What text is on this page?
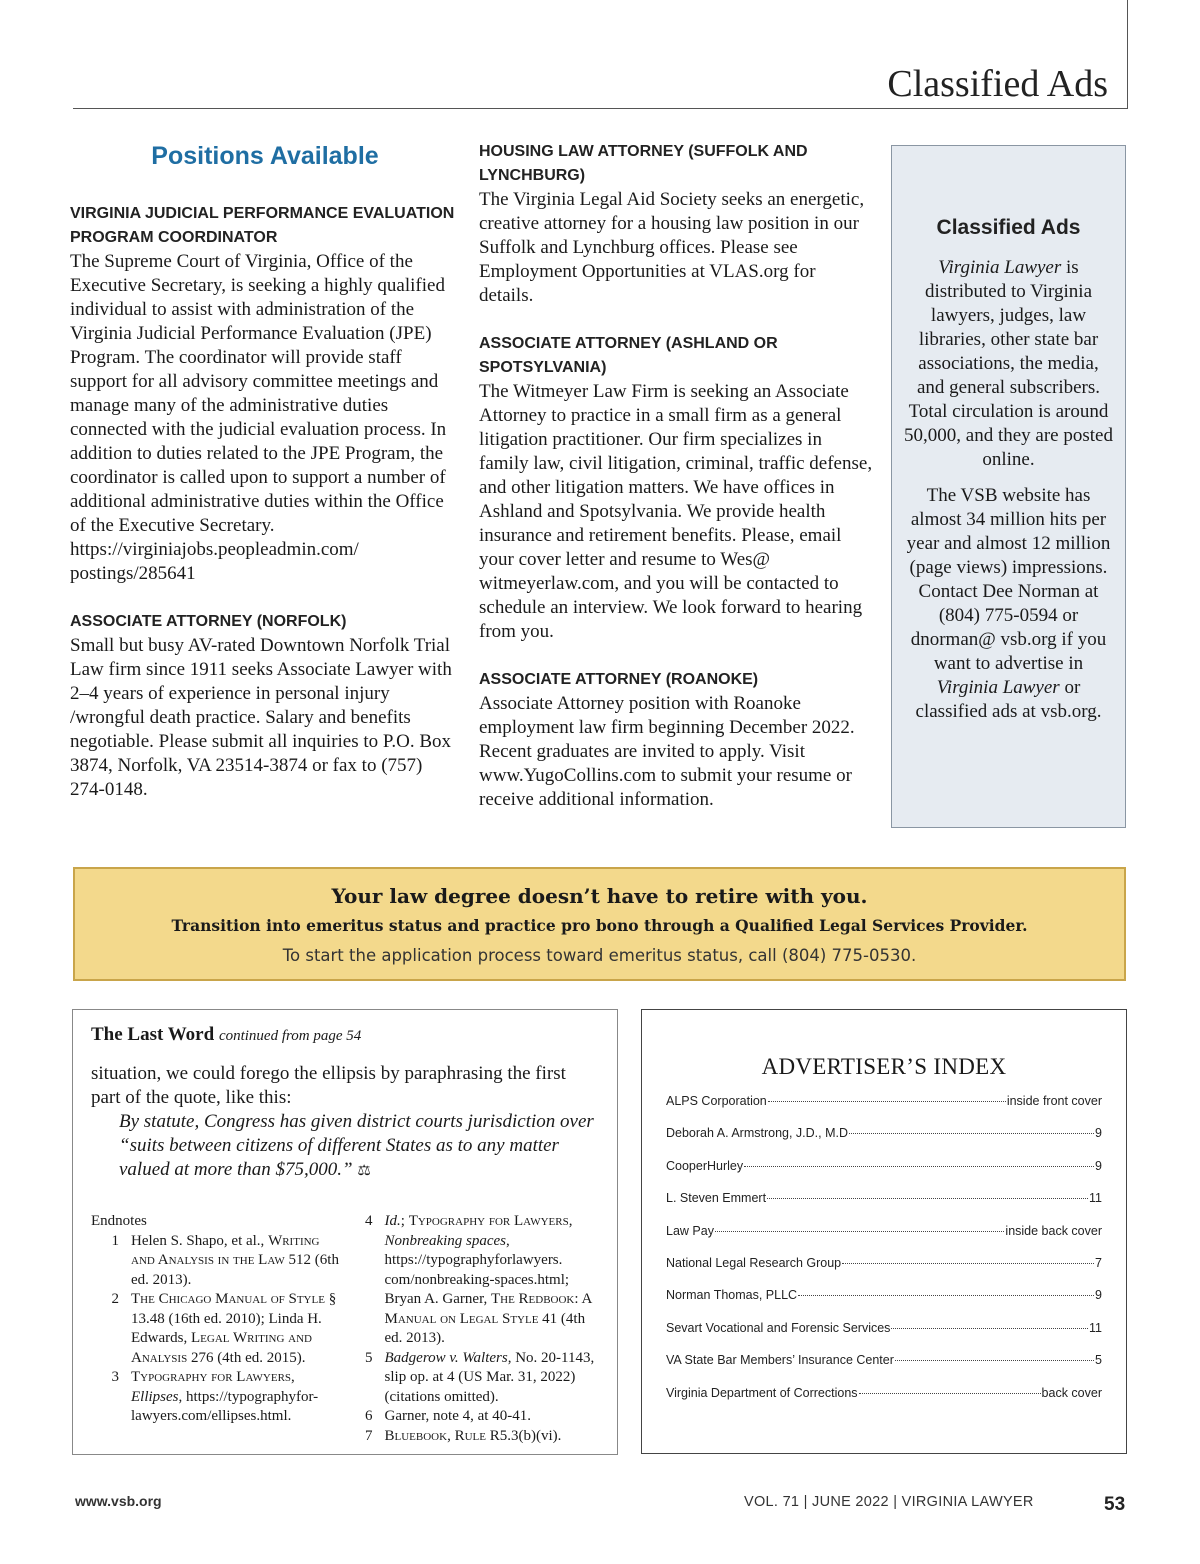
Classified Ads
Positions Available
VIRGINIA JUDICIAL PERFORMANCE EVALUATION PROGRAM COORDINATOR
The Supreme Court of Virginia, Office of the Executive Secretary, is seeking a highly qualified individual to assist with administration of the Virginia Judicial Performance Evaluation (JPE) Program. The coordinator will provide staff support for all advisory committee meetings and manage many of the administrative duties connected with the judicial evaluation process. In addition to duties related to the JPE Program, the coordinator is called upon to support a number of additional administrative duties within the Office of the Executive Secretary. https://virginiajobs.peopleadmin.com/ postings/285641
ASSOCIATE ATTORNEY (NORFOLK)
Small but busy AV-rated Downtown Norfolk Trial Law firm since 1911 seeks Associate Lawyer with 2–4 years of experience in personal injury /wrongful death practice. Salary and benefits negotiable. Please submit all inquiries to P.O. Box 3874, Norfolk, VA 23514-3874 or fax to (757) 274-0148.
HOUSING LAW ATTORNEY (SUFFOLK AND LYNCHBURG)
The Virginia Legal Aid Society seeks an energetic, creative attorney for a housing law position in our Suffolk and Lynchburg offices. Please see Employment Opportunities at VLAS.org for details.
ASSOCIATE ATTORNEY (ASHLAND OR SPOTSYLVANIA)
The Witmeyer Law Firm is seeking an Associate Attorney to practice in a small firm as a general litigation practitioner. Our firm specializes in family law, civil litigation, criminal, traffic defense, and other litigation matters. We have offices in Ashland and Spotsylvania. We provide health insurance and retirement benefits. Please, email your cover letter and resume to Wes@ witmeyerlaw.com, and you will be contacted to schedule an interview. We look forward to hearing from you.
ASSOCIATE ATTORNEY (ROANOKE)
Associate Attorney position with Roanoke employment law firm beginning December 2022. Recent graduates are invited to apply. Visit www.YugoCollins.com to submit your resume or receive additional information.
Classified Ads

Virginia Lawyer is distributed to Virginia lawyers, judges, law libraries, other state bar associations, the media, and general subscribers. Total circulation is around 50,000, and they are posted online.

The VSB website has almost 34 million hits per year and almost 12 million (page views) impressions. Contact Dee Norman at (804) 775-0594 or dnorman@ vsb.org if you want to advertise in Virginia Lawyer or classified ads at vsb.org.

Your law degree doesn’t have to retire with you.
Transition into emeritus status and practice pro bono through a Qualified Legal Services Provider.
To start the application process toward emeritus status, call (804) 775-0530.
The Last Word continued from page 54
situation, we could forego the ellipsis by paraphrasing the first part of the quote, like this:
By statute, Congress has given district courts jurisdiction over “suits between citizens of different States as to any matter valued at more than $75,000.” ⚖
Endnotes
1 Helen S. Shapo, et al., Writing and Analysis in the Law 512 (6th ed. 2013).
2 The Chicago Manual of Style § 13.48 (16th ed. 2010); Linda H. Edwards, Legal Writing and Analysis 276 (4th ed. 2015).
3 Typography for Lawyers, Ellipses, https://typographyfor-lawyers.com/ellipses.html.
4 Id.; Typography for Lawyers, Nonbreaking spaces, https://typographyforlawyers. com/nonbreaking-spaces.html; Bryan A. Garner, The Redbook: A Manual on Legal Style 41 (4th ed. 2013).
5 Badgerow v. Walters, No. 20-1143, slip op. at 4 (US Mar. 31, 2022) (citations omitted).
6 Garner, note 4, at 40-41.
7 Bluebook, Rule R5.3(b)(vi).
ADVERTISER’S INDEX
ALPS Corporation	inside front cover
Deborah A. Armstrong, J.D., M.D	9
CooperHurley	9
L. Steven Emmert	11
Law Pay	inside back cover
National Legal Research Group	7
Norman Thomas, PLLC	9
Sevart Vocational and Forensic Services	11
VA State Bar Members’ Insurance Center	5
Virginia Department of Corrections	back cover
www.vsb.org	VOL. 71 | JUNE 2022 | VIRGINIA LAWYER	53
